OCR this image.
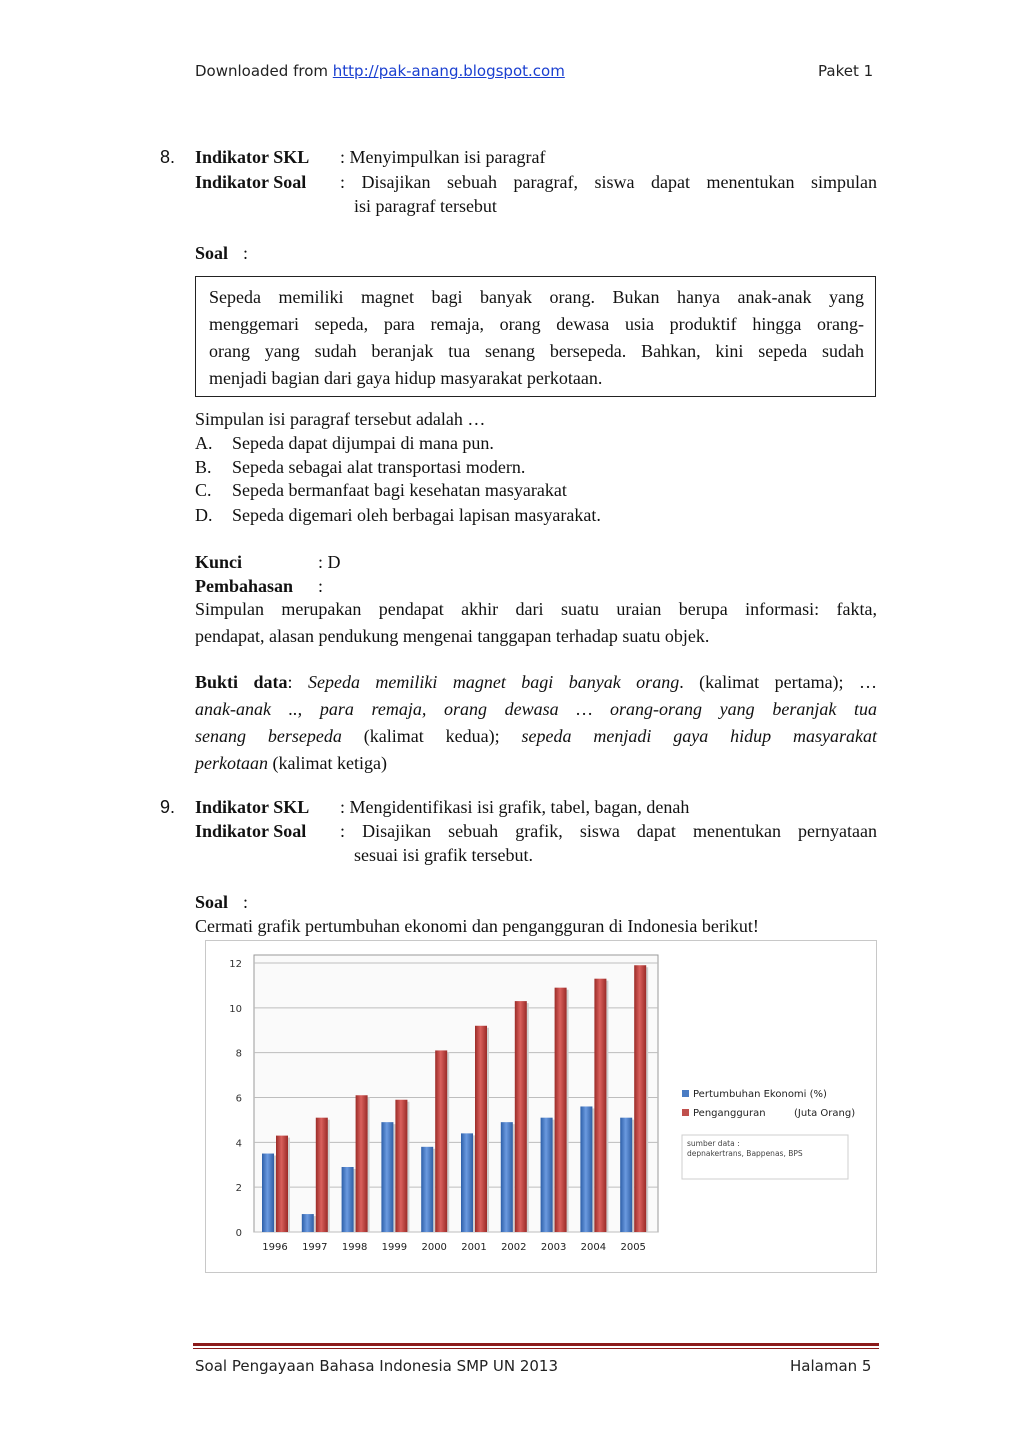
Downloaded from http://pak-anang.blogspot.com	Paket 1
8. Indikator SKL : Menyimpulkan isi paragraf
Indikator Soal : Disajikan sebuah paragraf, siswa dapat menentukan simpulan
isi paragraf tersebut
Soal :
Sepeda memiliki magnet bagi banyak orang. Bukan hanya anak-anak yang
menggemari sepeda, para remaja, orang dewasa usia produktif hingga orang-
orang yang sudah beranjak tua senang bersepeda. Bahkan, kini sepeda sudah
menjadi bagian dari gaya hidup masyarakat perkotaan.
Simpulan isi paragraf tersebut adalah …
A. Sepeda dapat dijumpai di mana pun.
B. Sepeda sebagai alat transportasi modern.
C. Sepeda bermanfaat bagi kesehatan masyarakat
D. Sepeda digemari oleh berbagai lapisan masyarakat.
Kunci	: D
Pembahasan :
Simpulan merupakan pendapat akhir dari suatu uraian berupa informasi: fakta,
pendapat, alasan pendukung mengenai tanggapan terhadap suatu objek.
Bukti data: Sepeda memiliki magnet bagi banyak orang. (kalimat pertama); …
anak-anak .., para remaja, orang dewasa … orang-orang yang beranjak tua
senang bersepeda (kalimat kedua); sepeda menjadi gaya hidup masyarakat
perkotaan (kalimat ketiga)
9. Indikator SKL : Mengidentifikasi isi grafik, tabel, bagan, denah
Indikator Soal : Disajikan sebuah grafik, siswa dapat menentukan pernyataan
sesuai isi grafik tersebut.
Soal :
Cermati grafik pertumbuhan ekonomi dan pengangguran di Indonesia berikut!
0
2
4
6
8
10
12
1996 1997 1998 1999 2000 2001 2002 2003 2004 2005
Pertumbuhan Ekonomi (%)
Pengangguran	(Juta Orang)
sumber data :
depnakertrans, Bappenas, BPS
Soal Pengayaan Bahasa Indonesia SMP UN 2013	Halaman 5
